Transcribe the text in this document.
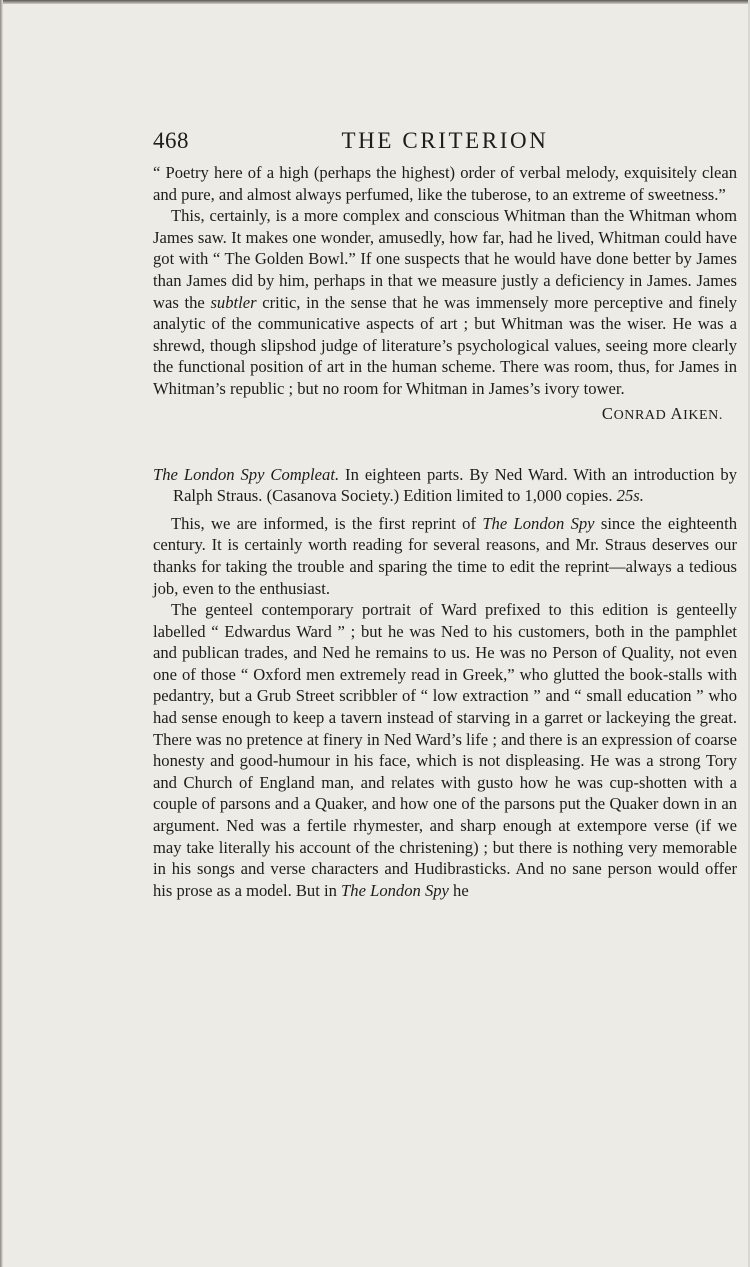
468	THE CRITERION

“ Poetry here of a high (perhaps the highest) order of verbal melody, exquisitely clean and pure, and almost always perfumed, like the tuberose, to an extreme of sweetness.”

This, certainly, is a more complex and conscious Whitman than the Whitman whom James saw. It makes one wonder, amusedly, how far, had he lived, Whitman could have got with “ The Golden Bowl.” If one suspects that he would have done better by James than James did by him, perhaps in that we measure justly a deficiency in James. James was the subtler critic, in the sense that he was immensely more perceptive and finely analytic of the communicative aspects of art ; but Whitman was the wiser. He was a shrewd, though slipshod judge of literature’s psychological values, seeing more clearly the functional position of art in the human scheme. There was room, thus, for James in Whitman’s republic ; but no room for Whitman in James’s ivory tower.

CONRAD AIKEN.

The London Spy Compleat. In eighteen parts. By Ned Ward. With an introduction by Ralph Straus. (Casanova Society.) Edition limited to 1,000 copies. 25s.

This, we are informed, is the first reprint of The London Spy since the eighteenth century. It is certainly worth reading for several reasons, and Mr. Straus deserves our thanks for taking the trouble and sparing the time to edit the reprint—always a tedious job, even to the enthusiast.

The genteel contemporary portrait of Ward prefixed to this edition is genteelly labelled “ Edwardus Ward ” ; but he was Ned to his customers, both in the pamphlet and publican trades, and Ned he remains to us. He was no Person of Quality, not even one of those “ Oxford men extremely read in Greek,” who glutted the book-stalls with pedantry, but a Grub Street scribbler of “ low extraction ” and “ small education ” who had sense enough to keep a tavern instead of starving in a garret or lackeying the great. There was no pretence at finery in Ned Ward’s life ; and there is an expression of coarse honesty and good-humour in his face, which is not displeasing. He was a strong Tory and Church of England man, and relates with gusto how he was cup-shotten with a couple of parsons and a Quaker, and how one of the parsons put the Quaker down in an argument. Ned was a fertile rhymester, and sharp enough at extempore verse (if we may take literally his account of the christening) ; but there is nothing very memorable in his songs and verse characters and Hudibrasticks. And no sane person would offer his prose as a model. But in The London Spy he
